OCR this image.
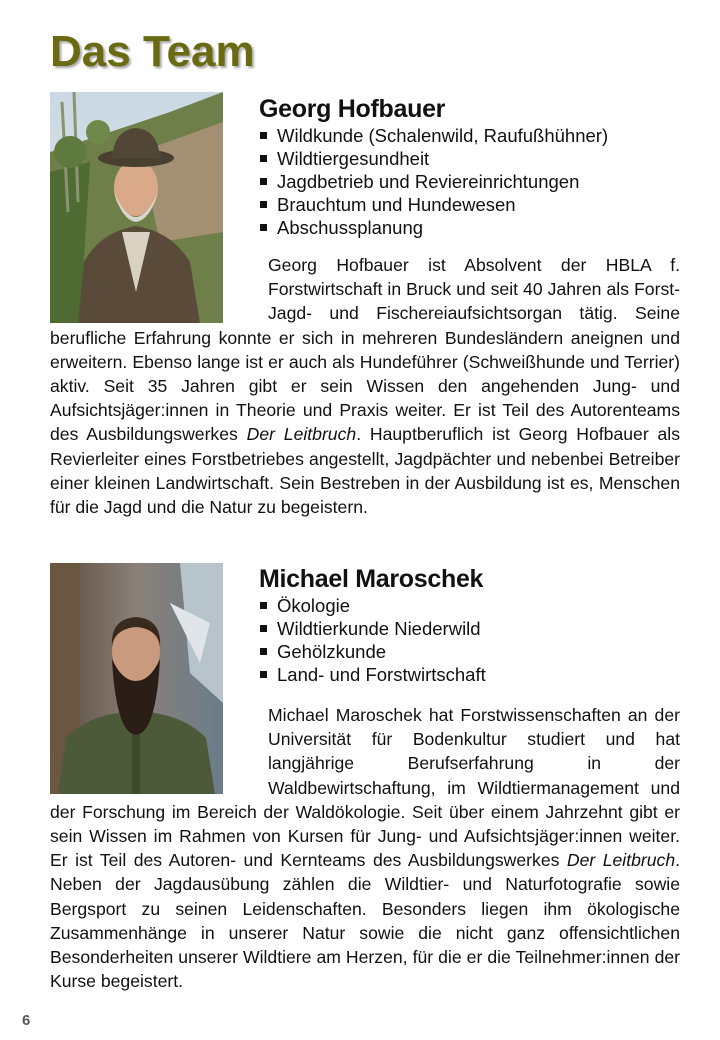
Das Team
Georg Hofbauer
Wildkunde (Schalenwild, Raufußhühner)
Wildtiergesundheit
Jagdbetrieb und Reviereinrichtungen
Brauchtum und Hundewesen
Abschussplanung

Georg Hofbauer ist Absolvent der HBLA f. Forstwirtschaft in Bruck und seit 40 Jahren als Forst- Jagd- und Fischereiaufsichtsorgan tätig. Seine berufliche Erfahrung konnte er sich in mehreren Bundesländern aneignen und erweitern. Ebenso lange ist er auch als Hundeführer (Schweißhunde und Terrier) aktiv. Seit 35 Jahren gibt er sein Wissen den angehenden Jung- und Aufsichtsjäger:innen in Theorie und Praxis weiter. Er ist Teil des Autorenteams des Ausbildungswerkes Der Leitbruch. Hauptberuflich ist Georg Hofbauer als Revierleiter eines Forstbetriebes angestellt, Jagdpächter und nebenbei Betreiber einer kleinen Landwirtschaft. Sein Bestreben in der Ausbildung ist es, Menschen für die Jagd und die Natur zu begeistern.

Michael Maroschek
Ökologie
Wildtierkunde Niederwild
Gehölzkunde
Land- und Forstwirtschaft

Michael Maroschek hat Forstwissenschaften an der Universität für Bodenkultur studiert und hat langjährige Berufserfahrung in der Waldbewirtschaftung, im Wildtiermanagement und der Forschung im Bereich der Waldökologie. Seit über einem Jahrzehnt gibt er sein Wissen im Rahmen von Kursen für Jung- und Aufsichtsjäger:innen weiter. Er ist Teil des Autoren- und Kernteams des Ausbildungswerkes Der Leitbruch. Neben der Jagdausübung zählen die Wildtier- und Naturfotografie sowie Bergsport zu seinen Leidenschaften. Besonders liegen ihm ökologische Zusammenhänge in unserer Natur sowie die nicht ganz offensichtlichen Besonderheiten unserer Wildtiere am Herzen, für die er die Teilnehmer:innen der Kurse begeistert.

6
